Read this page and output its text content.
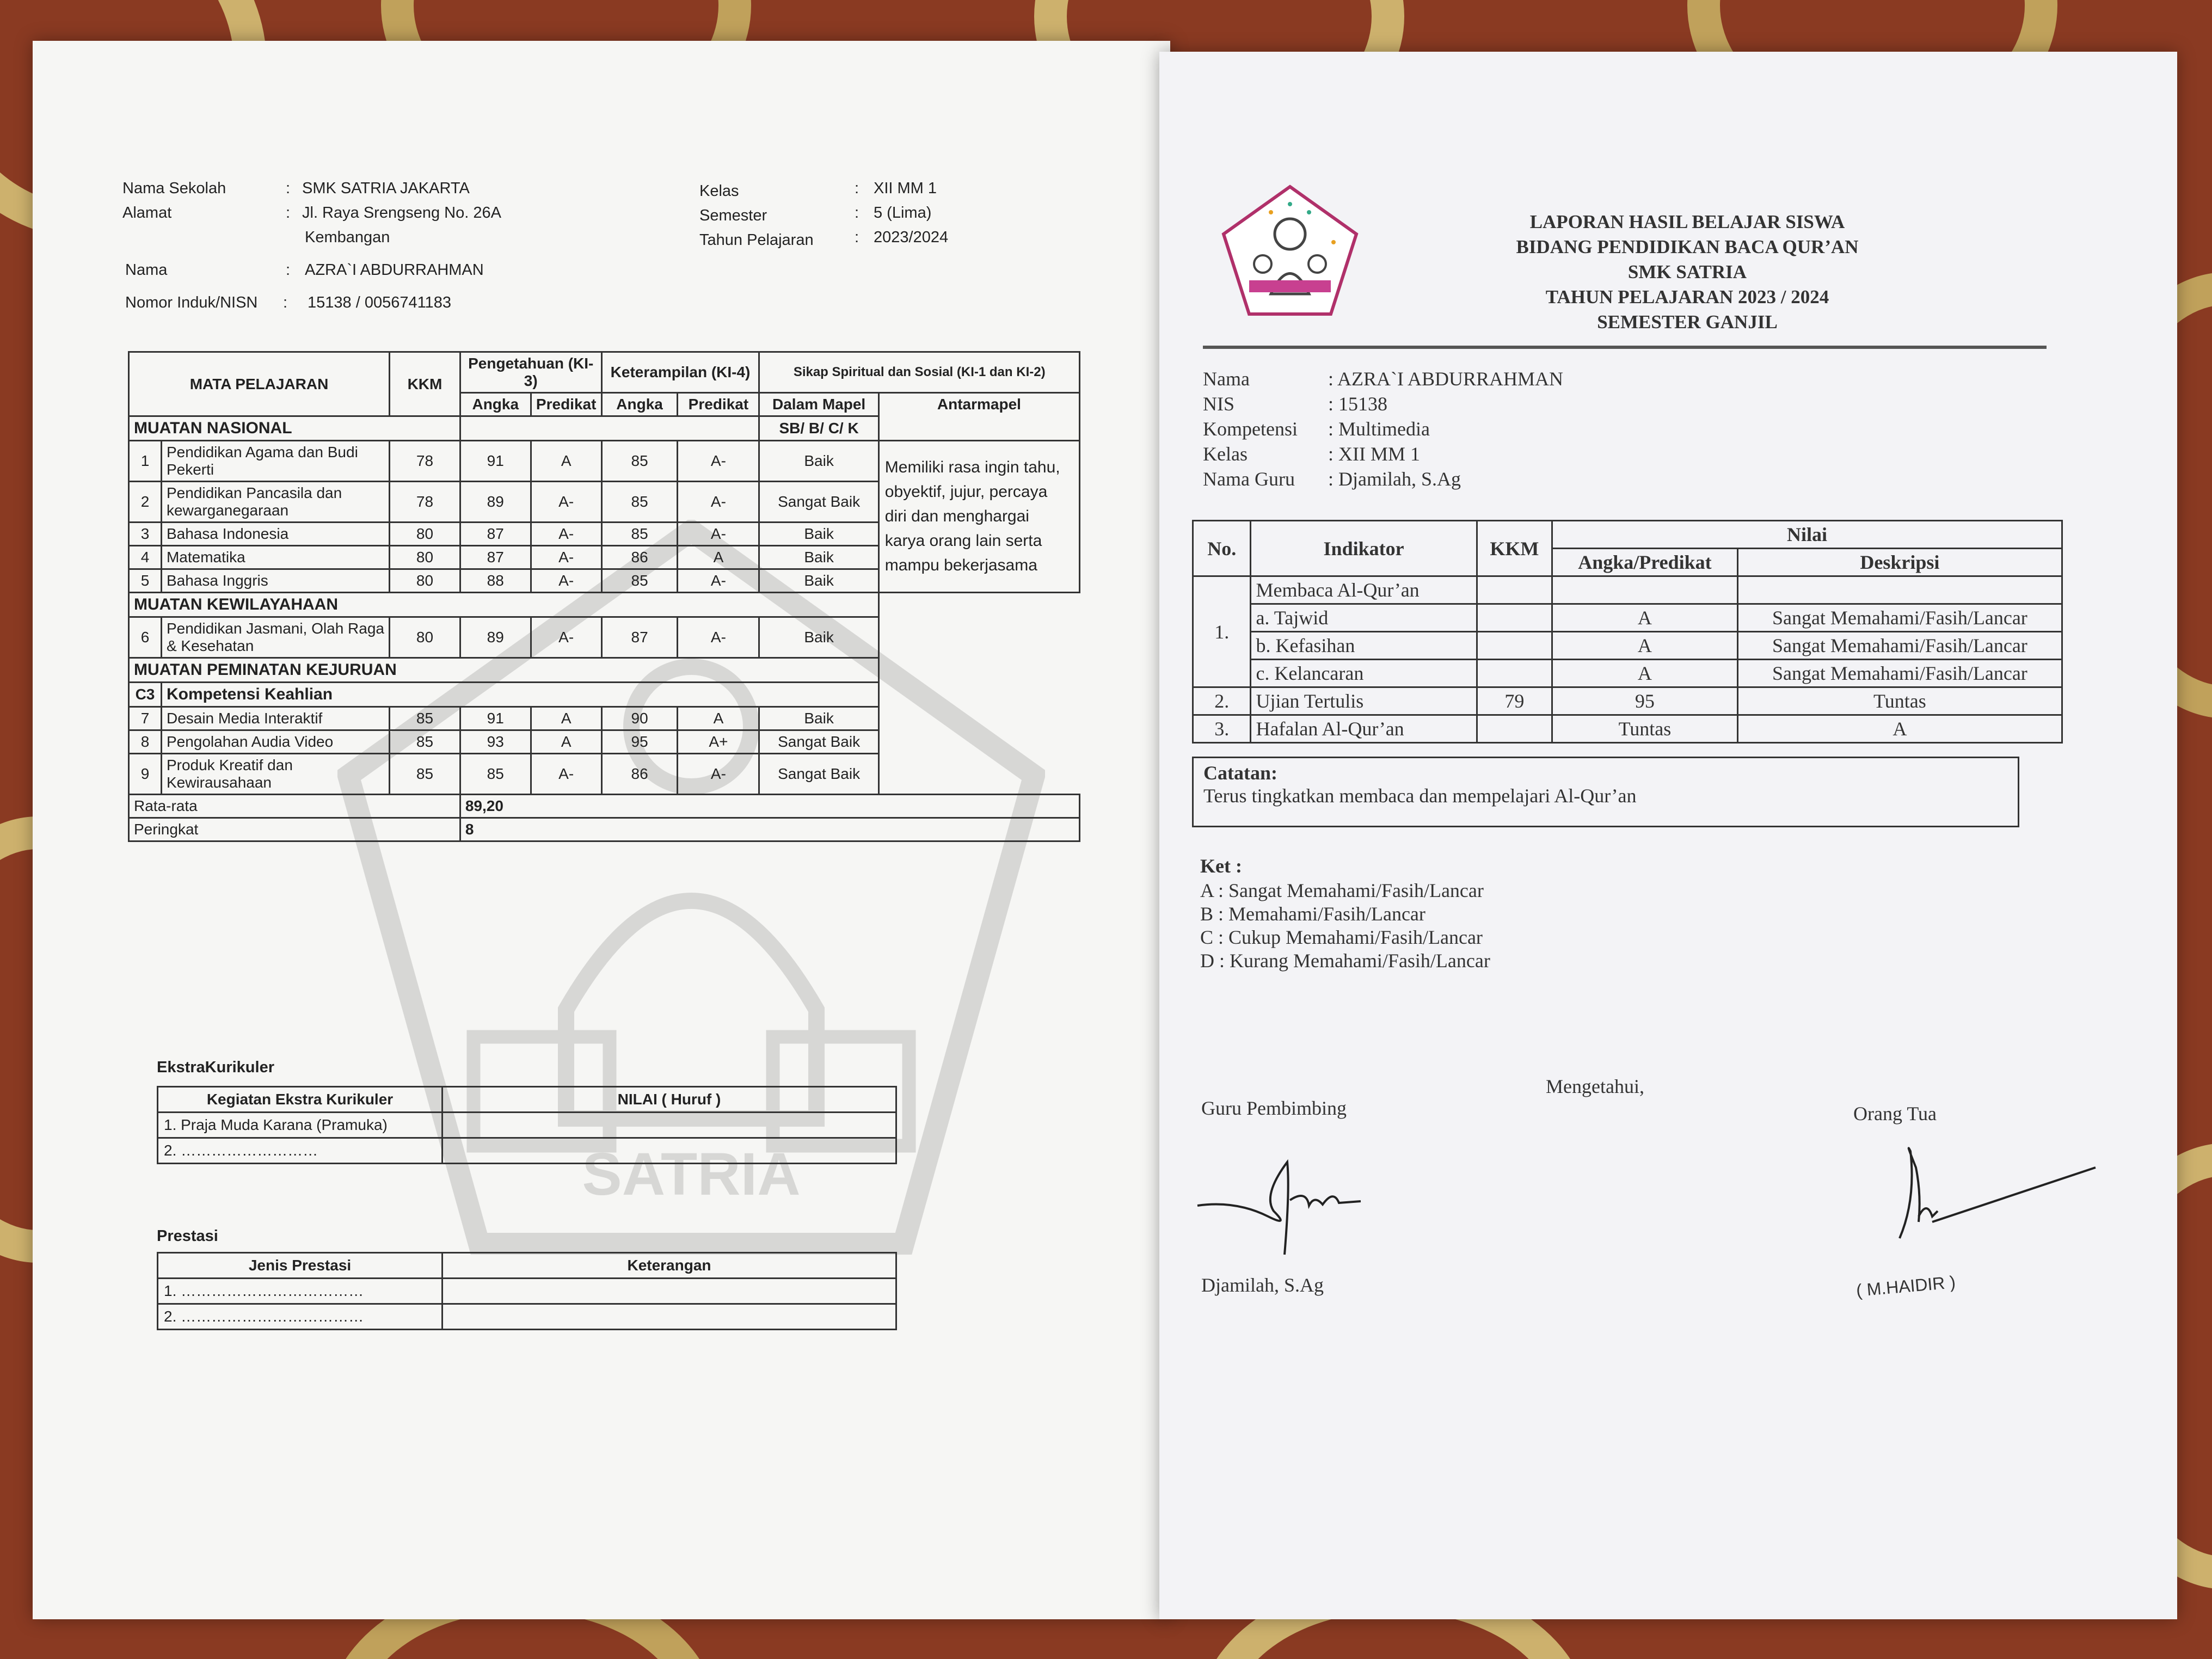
SATRIA
Nama Sekolah	: SMK SATRIA JAKARTA
Alamat	: Jl. Raya Srengseng No. 26A
Kembangan
Nama	: AZRA`I ABDURRAHMAN
Nomor Induk/NISN : 15138 / 0056741183
Kelas	: XII MM 1
Semester	: 5 (Lima)
Tahun Pelajaran	: 2023/2024
MATA PELAJARAN		KKM	Pengetahuan (KI-3)		Keterampilan (KI-4)		Sikap Spiritual dan Sosial (KI-1 dan KI-2)	
			Angka	Predikat	Angka	Predikat	Dalam Mapel	Antarmapel
MUATAN NASIONAL							SB/ B/ C/ K	
1	Pendidikan Agama dan Budi Pekerti	78	91	A	85	A-	Baik	Memiliki rasa ingin tahu, obyektif, jujur, percaya diri dan menghargai karya orang lain serta mampu bekerjasama
2	Pendidikan Pancasila dan kewarganegaraan	78	89	A-	85	A-	Sangat Baik	
3	Bahasa Indonesia	80	87	A-	85	A-	Baik	
4	Matematika	80	87	A-	86	A	Baik	
5	Bahasa Inggris	80	88	A-	85	A-	Baik	
MUATAN KEWILAYAHAAN								
6	Pendidikan Jasmani, Olah Raga & Kesehatan	80	89	A-	87	A-	Baik	
MUATAN PEMINATAN KEJURUAN								
C3	Kompetensi Keahlian							
7	Desain Media Interaktif	85	91	A	90	A	Baik	
8	Pengolahan Audia Video	85	93	A	95	A+	Sangat Baik	
9	Produk Kreatif dan Kewirausahaan	85	85	A-	86	A-	Sangat Baik	
Rata-rata			89,20					
Peringkat			8					
EkstraKurikuler
Kegiatan Ekstra Kurikuler	NILAI ( Huruf )
1. Praja Muda Karana (Pramuka)	
2. ………………………	
Prestasi
Jenis Prestasi	Keterangan
1. ………………………………	
2. ………………………………	
LAPORAN HASIL BELAJAR SISWA
BIDANG PENDIDIKAN BACA QUR’AN
SMK SATRIA
TAHUN PELAJARAN 2023 / 2024
SEMESTER GANJIL
Nama	: AZRA`I ABDURRAHMAN
NIS	: 15138
Kompetensi : Multimedia
Kelas	: XII MM 1
Nama Guru : Djamilah, S.Ag
No.	Indikator	KKM	Nilai	
			Angka/Predikat	Deskripsi
1.	Membaca Al-Qur’an			
	a. Tajwid		A	Sangat Memahami/Fasih/Lancar
	b. Kefasihan		A	Sangat Memahami/Fasih/Lancar
	c. Kelancaran		A	Sangat Memahami/Fasih/Lancar
2.	Ujian Tertulis	79	95	Tuntas
3.	Hafalan Al-Qur’an		Tuntas	A
Catatan:
Terus tingkatkan membaca dan mempelajari Al-Qur’an
Ket :
A : Sangat Memahami/Fasih/Lancar
B : Memahami/Fasih/Lancar
C : Cukup Memahami/Fasih/Lancar
D : Kurang Memahami/Fasih/Lancar
Mengetahui,
Guru Pembimbing	Orang Tua
Djamilah, S.Ag	( M.HAIDIR )
